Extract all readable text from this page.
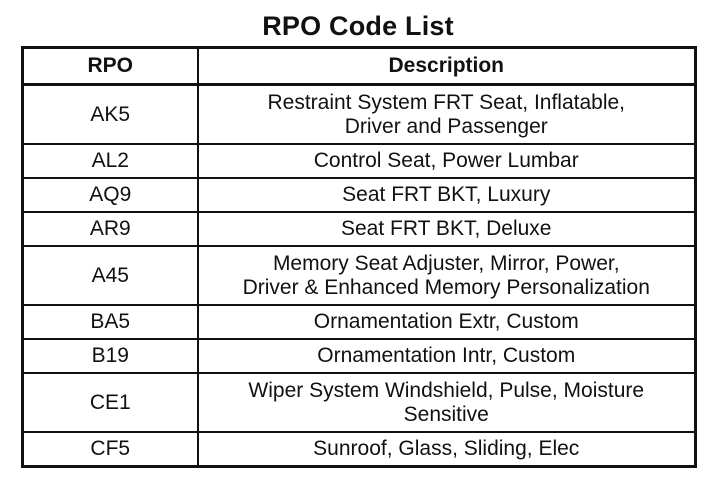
RPO Code List
RPO	Description
AK5	Restraint System FRT Seat, Inflatable,
Driver and Passenger

AL2	Control Seat, Power Lumbar

AQ9	Seat FRT BKT, Luxury

AR9	Seat FRT BKT, Deluxe

A45	Memory Seat Adjuster, Mirror, Power,
Driver & Enhanced Memory Personalization

BA5	Ornamentation Extr, Custom

B19	Ornamentation Intr, Custom

CE1	Wiper System Windshield, Pulse, Moisture
Sensitive

CF5	Sunroof, Glass, Sliding, Elec
